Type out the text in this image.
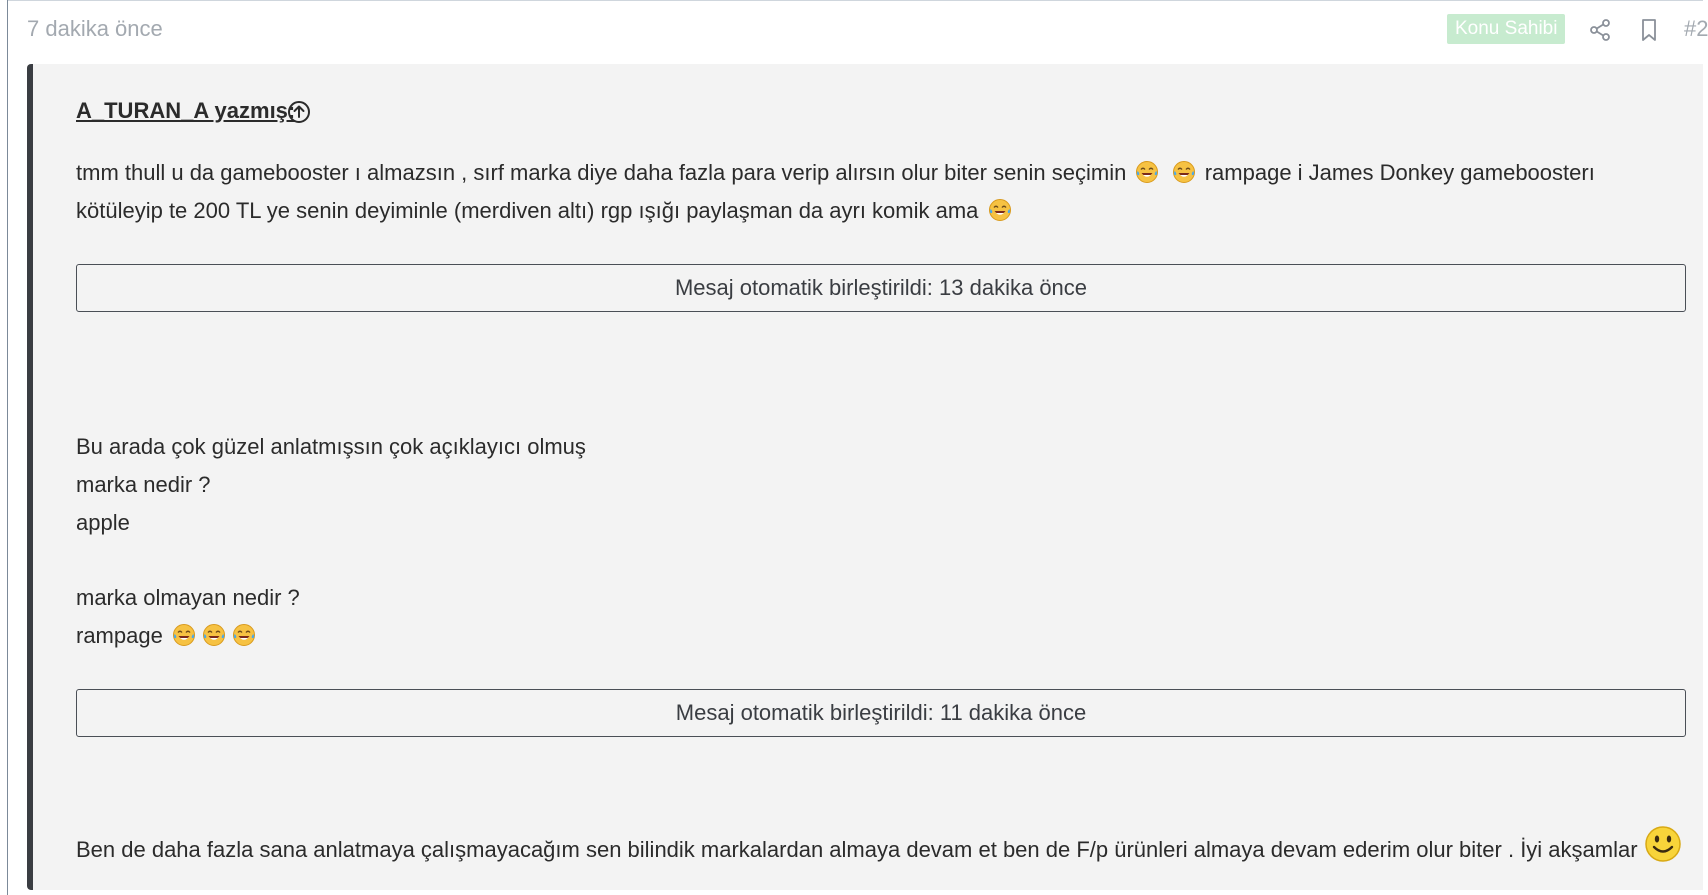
7 dakika önce	Konu Sahibi	#2
A_TURAN_A yazmış:
tmm thull u da gamebooster ı almazsın , sırf marka diye daha fazla para verip alırsın olur biter senin seçimin	rampage i James Donkey gameboosterı kötüleyip te 200 TL ye senin deyiminle (merdiven altı) rgp ışığı paylaşman da ayrı komik ama
Mesaj otomatik birleştirildi: 13 dakika önce
Bu arada çok güzel anlatmışsın çok açıklayıcı olmuş
marka nedir ?
apple
marka olmayan nedir ?
rampage
Mesaj otomatik birleştirildi: 11 dakika önce
Ben de daha fazla sana anlatmaya çalışmayacağım sen bilindik markalardan almaya devam et ben de F/p ürünleri almaya devam ederim olur biter . İyi akşamlar
